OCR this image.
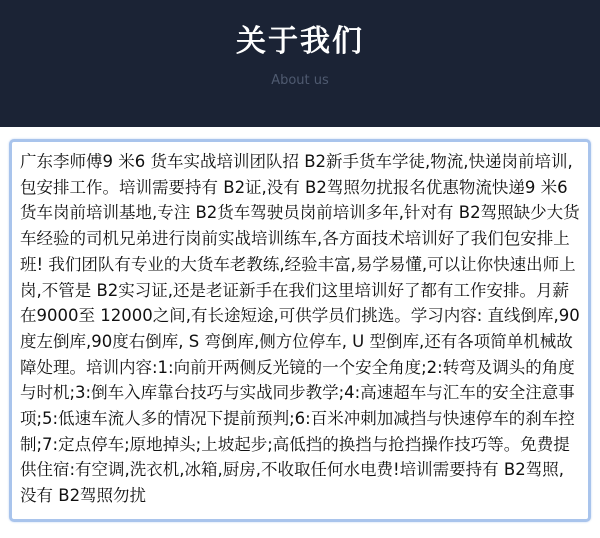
关于我们
About us

广东李师傅9 米6 货车实战培训团队招 B2新手货车学徒,物流,快递岗前培训,包安排工作。培训需要持有 B2证,没有 B2驾照勿扰报名优惠物流快递9 米6 货车岗前培训基地,专注 B2货车驾驶员岗前培训多年,针对有 B2驾照缺少大货车经验的司机兄弟进行岗前实战培训练车,各方面技术培训好了我们包安排上班! 我们团队有专业的大货车老教练,经验丰富,易学易懂,可以让你快速出师上岗,不管是 B2实习证,还是老证新手在我们这里培训好了都有工作安排。月薪在9000至 12000之间,有长途短途,可供学员们挑选。学习内容: 直线倒库,90度左倒库,90度右倒库, S 弯倒库,侧方位停车, U 型倒库,还有各项简单机械故障处理。培训内容:1:向前开两侧反光镜的一个安全角度;2:转弯及调头的角度与时机;3:倒车入库靠台技巧与实战同步教学;4:高速超车与汇车的安全注意事项;5:低速车流人多的情况下提前预判;6:百米冲刺加减挡与快速停车的刹车控制;7:定点停车;原地掉头;上坡起步;高低挡的换挡与抢挡操作技巧等。免费提供住宿:有空调,洗衣机,冰箱,厨房,不收取任何水电费!培训需要持有 B2驾照,没有 B2驾照勿扰
